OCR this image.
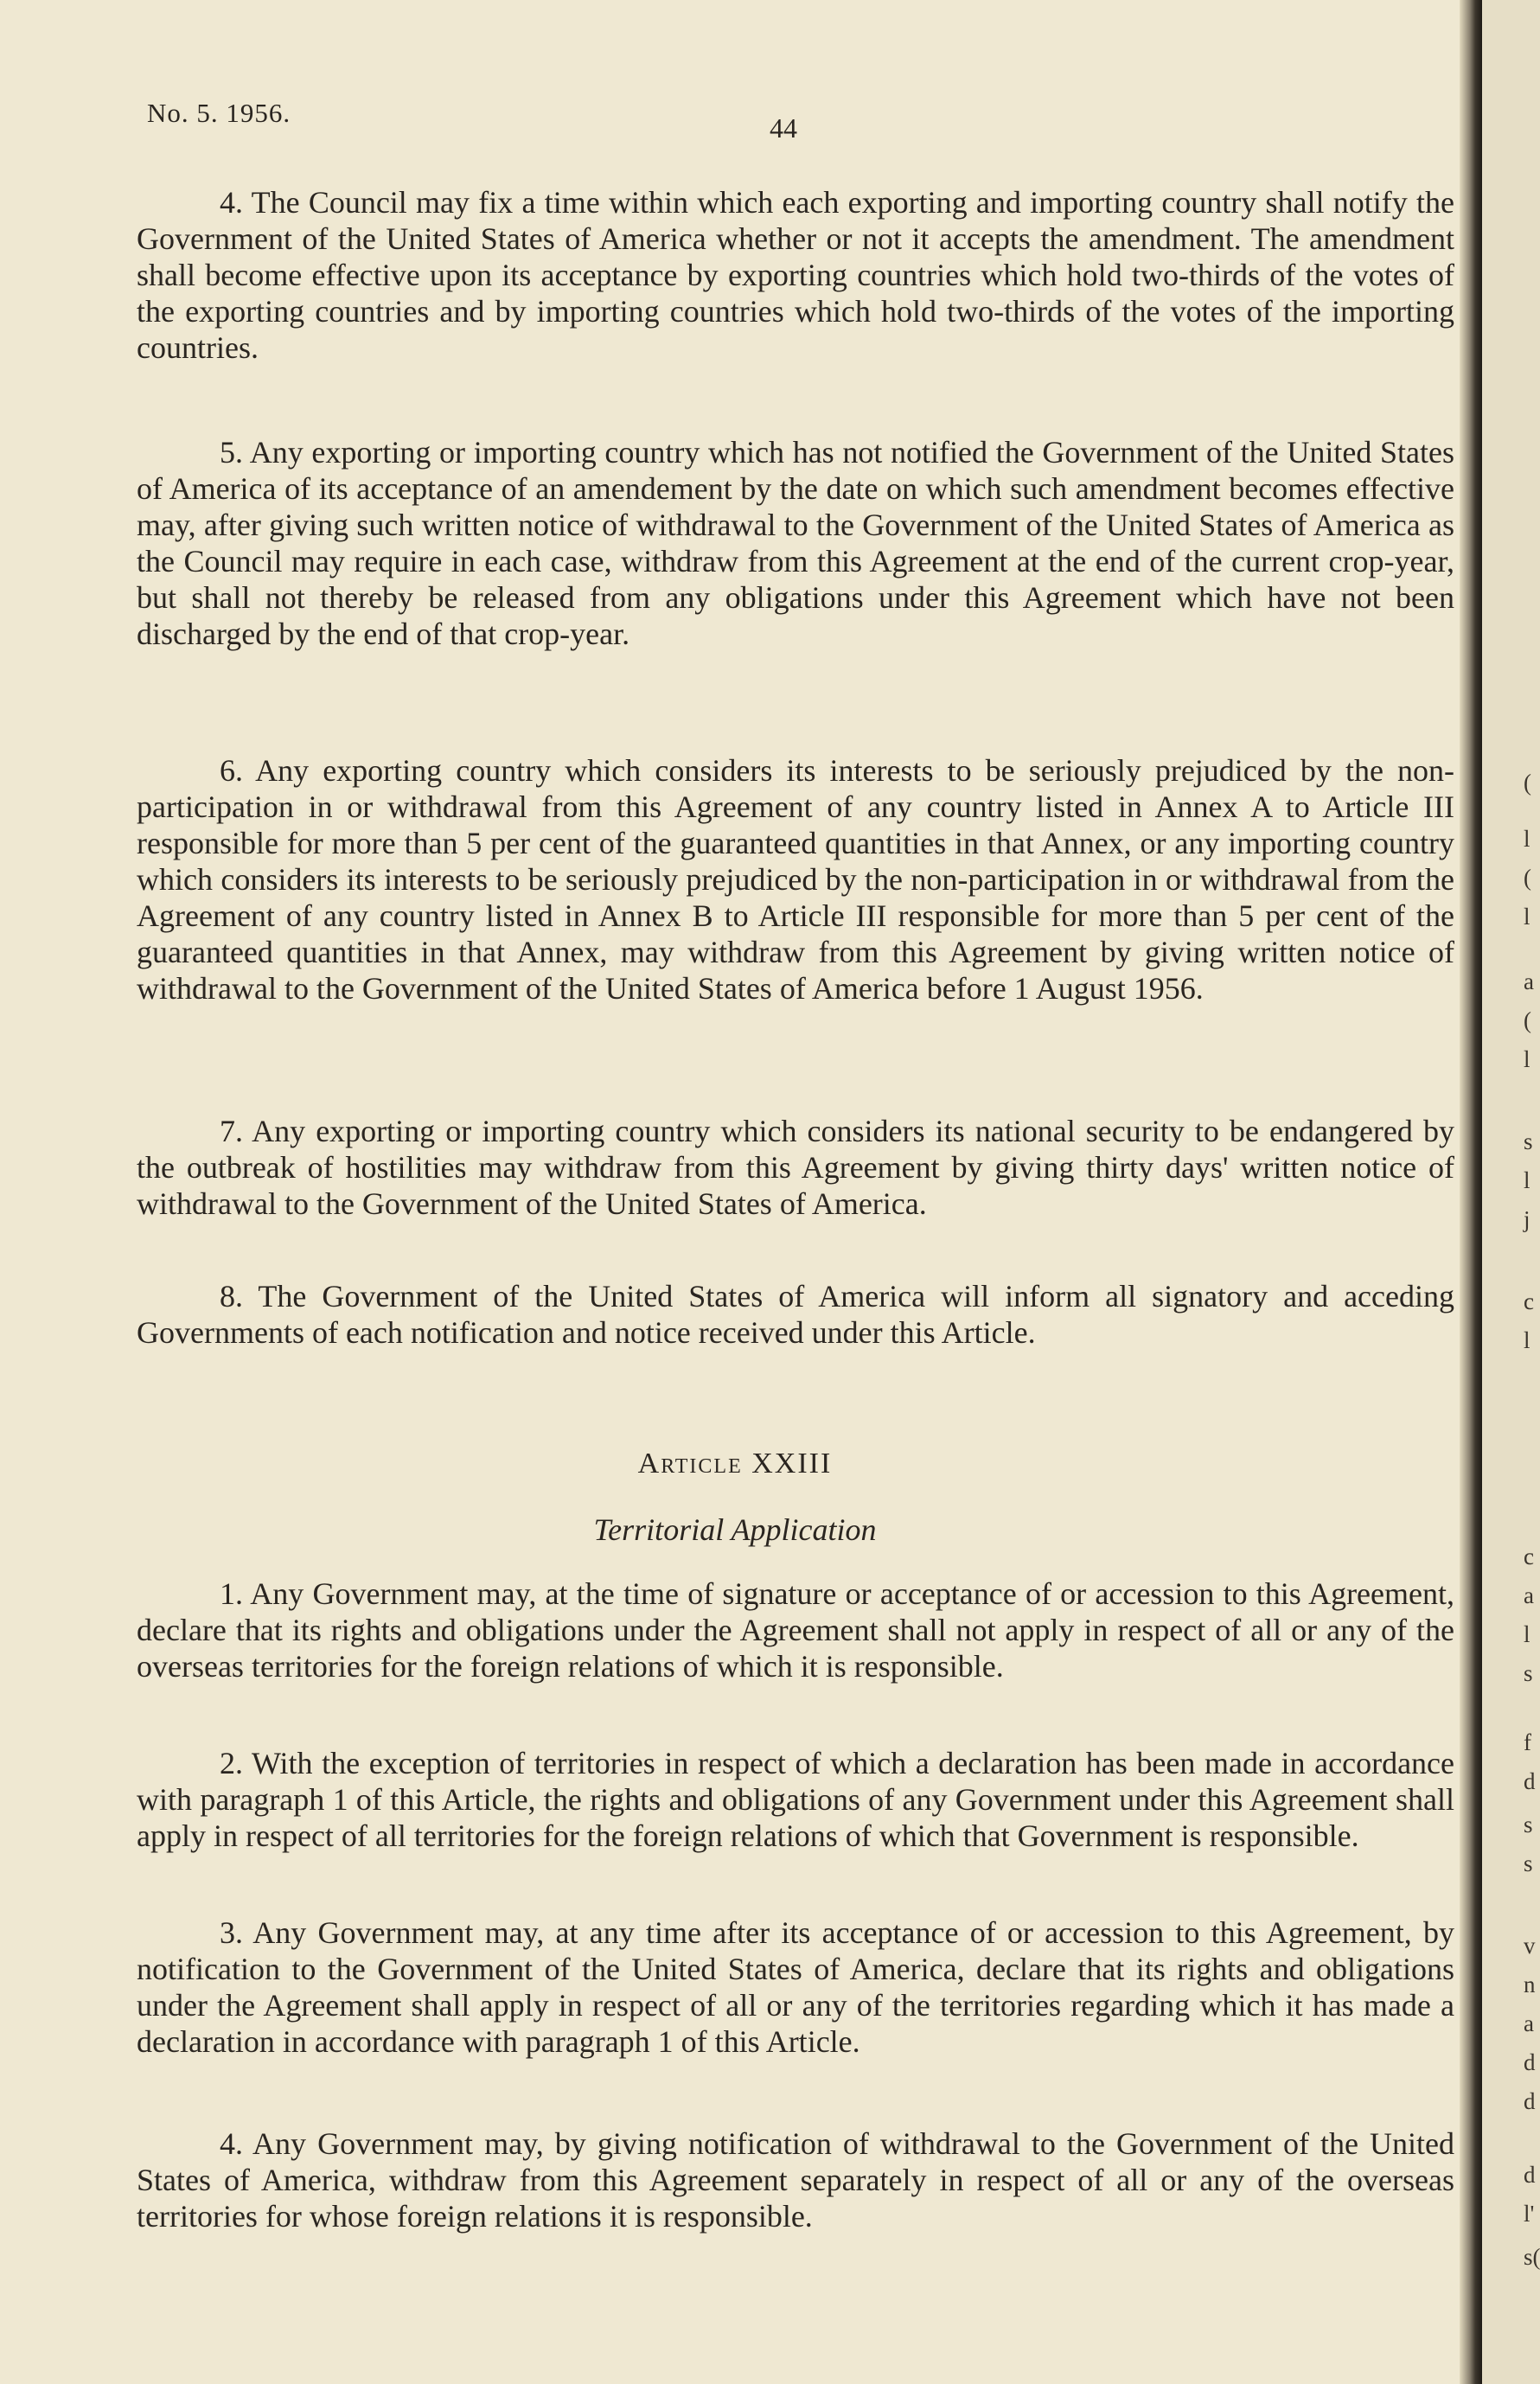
No. 5. 1956.	44

4. The Council may fix a time within which each exporting and importing country shall notify the Government of the United States of America whether or not it accepts the amendment. The amendment shall become effective upon its acceptance by exporting countries which hold two-thirds of the votes of the exporting countries and by importing countries which hold two-thirds of the votes of the importing countries.

5. Any exporting or importing country which has not notified the Government of the United States of America of its acceptance of an amendement by the date on which such amendment becomes effective may, after giving such written notice of withdrawal to the Government of the United States of America as the Council may require in each case, withdraw from this Agreement at the end of the current crop-year, but shall not thereby be released from any obligations under this Agreement which have not been discharged by the end of that crop-year.

6. Any exporting country which considers its interests to be seriously prejudiced by the non-participation in or withdrawal from this Agreement of any country listed in Annex A to Article III responsible for more than 5 per cent of the guaranteed quantities in that Annex, or any importing country which considers its interests to be seriously prejudiced by the non-participation in or withdrawal from the Agreement of any country listed in Annex B to Article III responsible for more than 5 per cent of the guaranteed quantities in that Annex, may withdraw from this Agreement by giving written notice of withdrawal to the Government of the United States of America before 1 August 1956.

7. Any exporting or importing country which considers its national security to be endangered by the outbreak of hostilities may withdraw from this Agreement by giving thirty days' written notice of withdrawal to the Government of the United States of America.

8. The Government of the United States of America will inform all signatory and acceding Governments of each notification and notice received under this Article.

Article XXIII
Territorial Application

1. Any Government may, at the time of signature or acceptance of or accession to this Agreement, declare that its rights and obligations under the Agreement shall not apply in respect of all or any of the overseas territories for the foreign relations of which it is responsible.

2. With the exception of territories in respect of which a declaration has been made in accordance with paragraph 1 of this Article, the rights and obligations of any Government under this Agreement shall apply in respect of all territories for the foreign relations of which that Government is responsible.

3. Any Government may, at any time after its acceptance of or accession to this Agreement, by notification to the Government of the United States of America, declare that its rights and obligations under the Agreement shall apply in respect of all or any of the territories regarding which it has made a declaration in accordance with paragraph 1 of this Article.

4. Any Government may, by giving notification of withdrawal to the Government of the United States of America, withdraw from this Agreement separately in respect of all or any of the overseas territories for whose foreign relations it is responsible.

(
l
(
l
a
(
l
s
l
j
c
l
c
a
l
s
f
d
s
s
v
n
a
d
d
d
l'
s(
